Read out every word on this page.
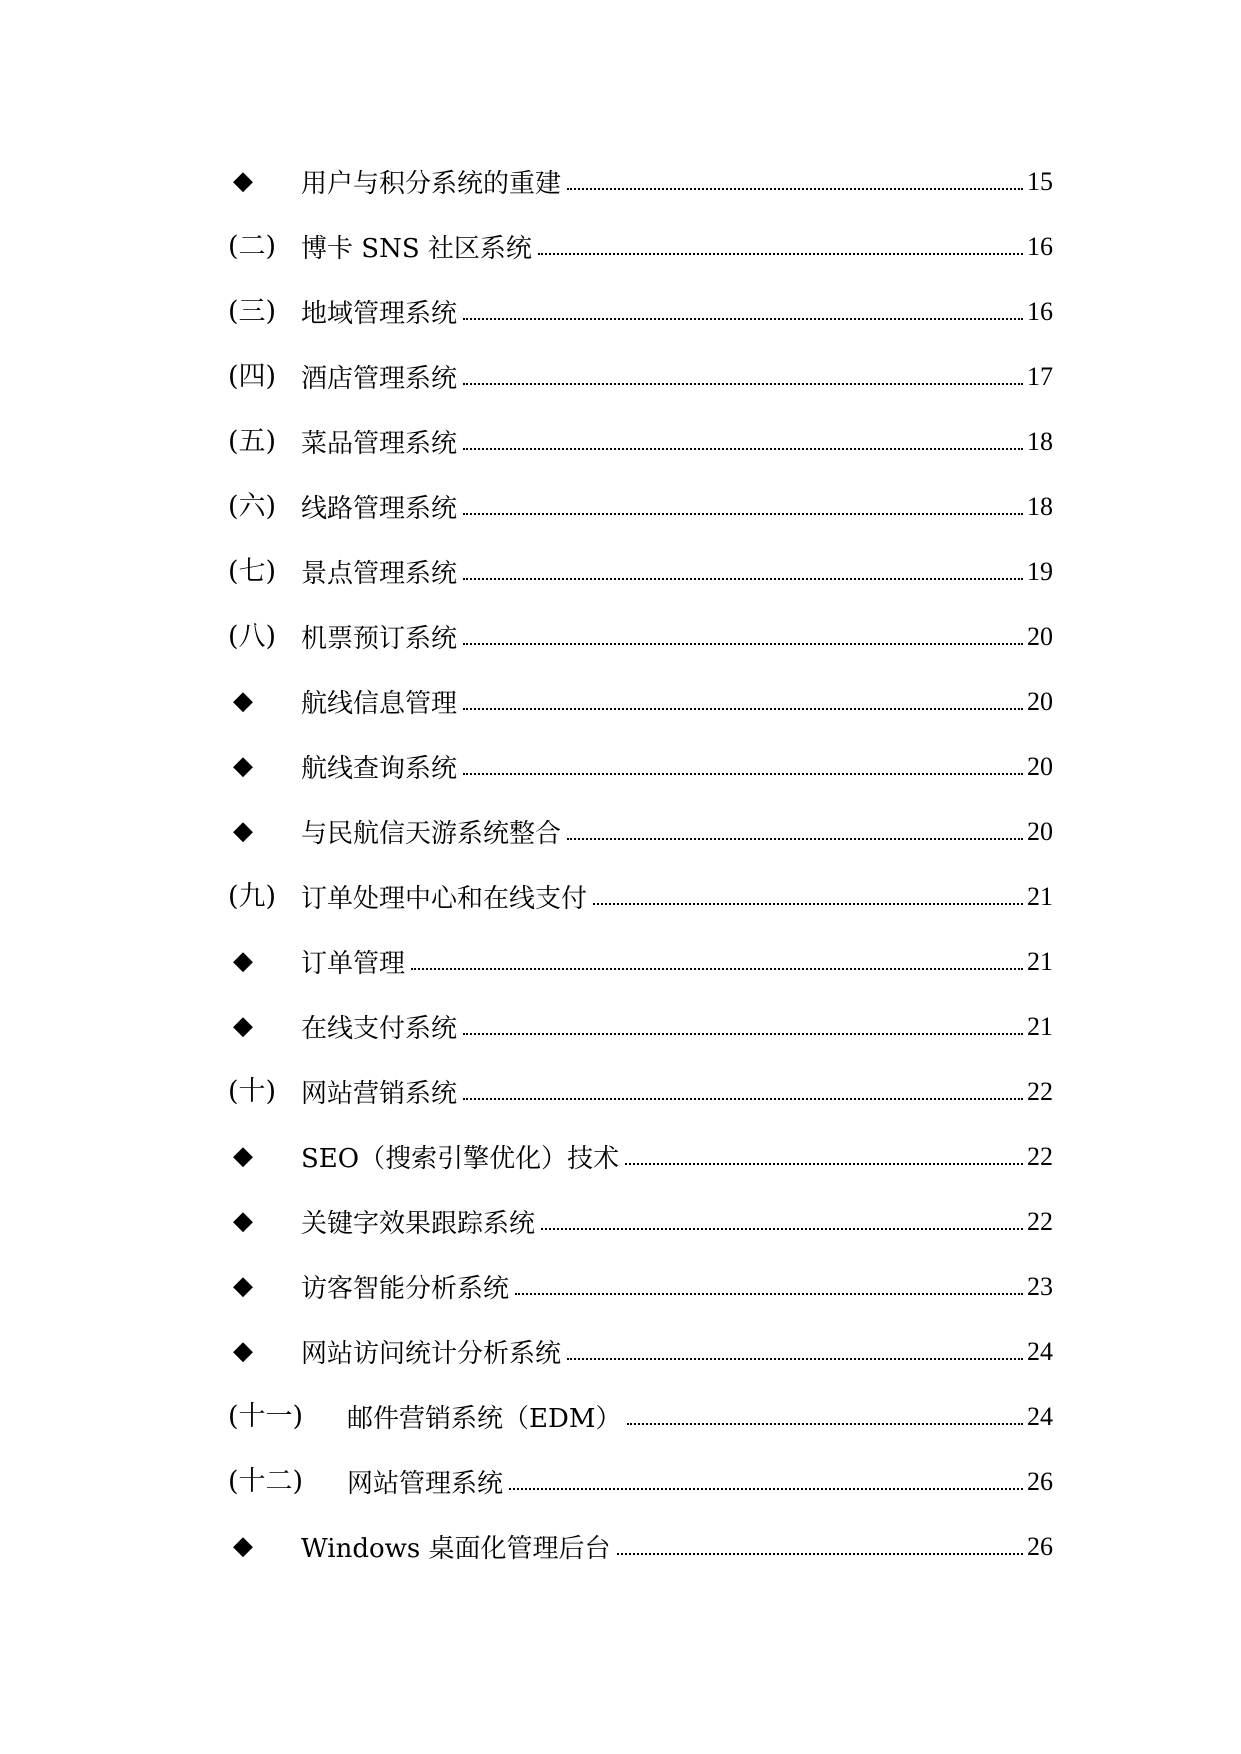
◆ 用户与积分系统的重建	15
(二) 博卡 SNS 社区系统	16
(三) 地域管理系统	16
(四) 酒店管理系统	17
(五) 菜品管理系统	18
(六) 线路管理系统	18
(七) 景点管理系统	19
(八) 机票预订系统	20
◆ 航线信息管理	20
◆ 航线查询系统	20
◆ 与民航信天游系统整合	20
(九) 订单处理中心和在线支付	21
◆ 订单管理	21
◆ 在线支付系统	21
(十) 网站营销系统	22
◆ SEO（搜索引擎优化）技术	22
◆ 关键字效果跟踪系统	22
◆ 访客智能分析系统	23
◆ 网站访问统计分析系统	24
(十一) 邮件营销系统（EDM）	24
(十二) 网站管理系统	26
◆ Windows 桌面化管理后台	26
